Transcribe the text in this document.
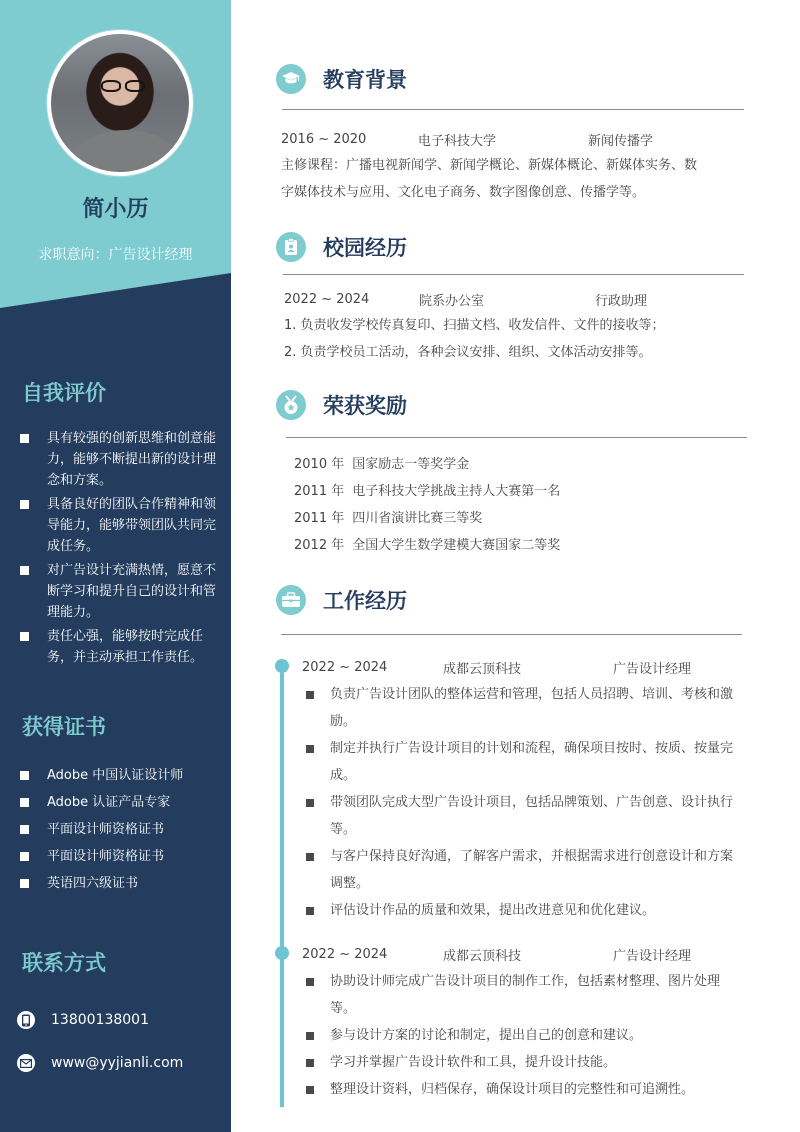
简小历
求职意向：广告设计经理
自我评价
具有较强的创新思维和创意能力，能够不断提出新的设计理念和方案。
具备良好的团队合作精神和领导能力，能够带领团队共同完成任务。
对广告设计充满热情，愿意不断学习和提升自己的设计和管理能力。
责任心强，能够按时完成任务，并主动承担工作责任。
获得证书
Adobe 中国认证设计师
Adobe 认证产品专家
平面设计师资格证书
平面设计师资格证书
英语四六级证书
联系方式
13800138001
www@yyjianli.com
教育背景
2016 ~ 2020	电子科技大学	新闻传播学
主修课程：广播电视新闻学、新闻学概论、新媒体概论、新媒体实务、数
字媒体技术与应用、文化电子商务、数字图像创意、传播学等。
校园经历
2022 ~ 2024	院系办公室	行政助理
1. 负责收发学校传真复印、扫描文档、收发信件、文件的接收等；
2. 负责学校员工活动，各种会议安排、组织、文体活动安排等。
荣获奖励
2010 年 国家励志一等奖学金
2011 年 电子科技大学挑战主持人大赛第一名
2011 年 四川省演讲比赛三等奖
2012 年 全国大学生数学建模大赛国家二等奖
工作经历
2022 ~ 2024	成都云顶科技	广告设计经理
负责广告设计团队的整体运营和管理，包括人员招聘、培训、考核和激励。
制定并执行广告设计项目的计划和流程，确保项目按时、按质、按量完成。
带领团队完成大型广告设计项目，包括品牌策划、广告创意、设计执行等。
与客户保持良好沟通，了解客户需求，并根据需求进行创意设计和方案调整。
评估设计作品的质量和效果，提出改进意见和优化建议。
2022 ~ 2024	成都云顶科技	广告设计经理
协助设计师完成广告设计项目的制作工作，包括素材整理、图片处理等。
参与设计方案的讨论和制定，提出自己的创意和建议。
学习并掌握广告设计软件和工具，提升设计技能。
整理设计资料，归档保存，确保设计项目的完整性和可追溯性。
